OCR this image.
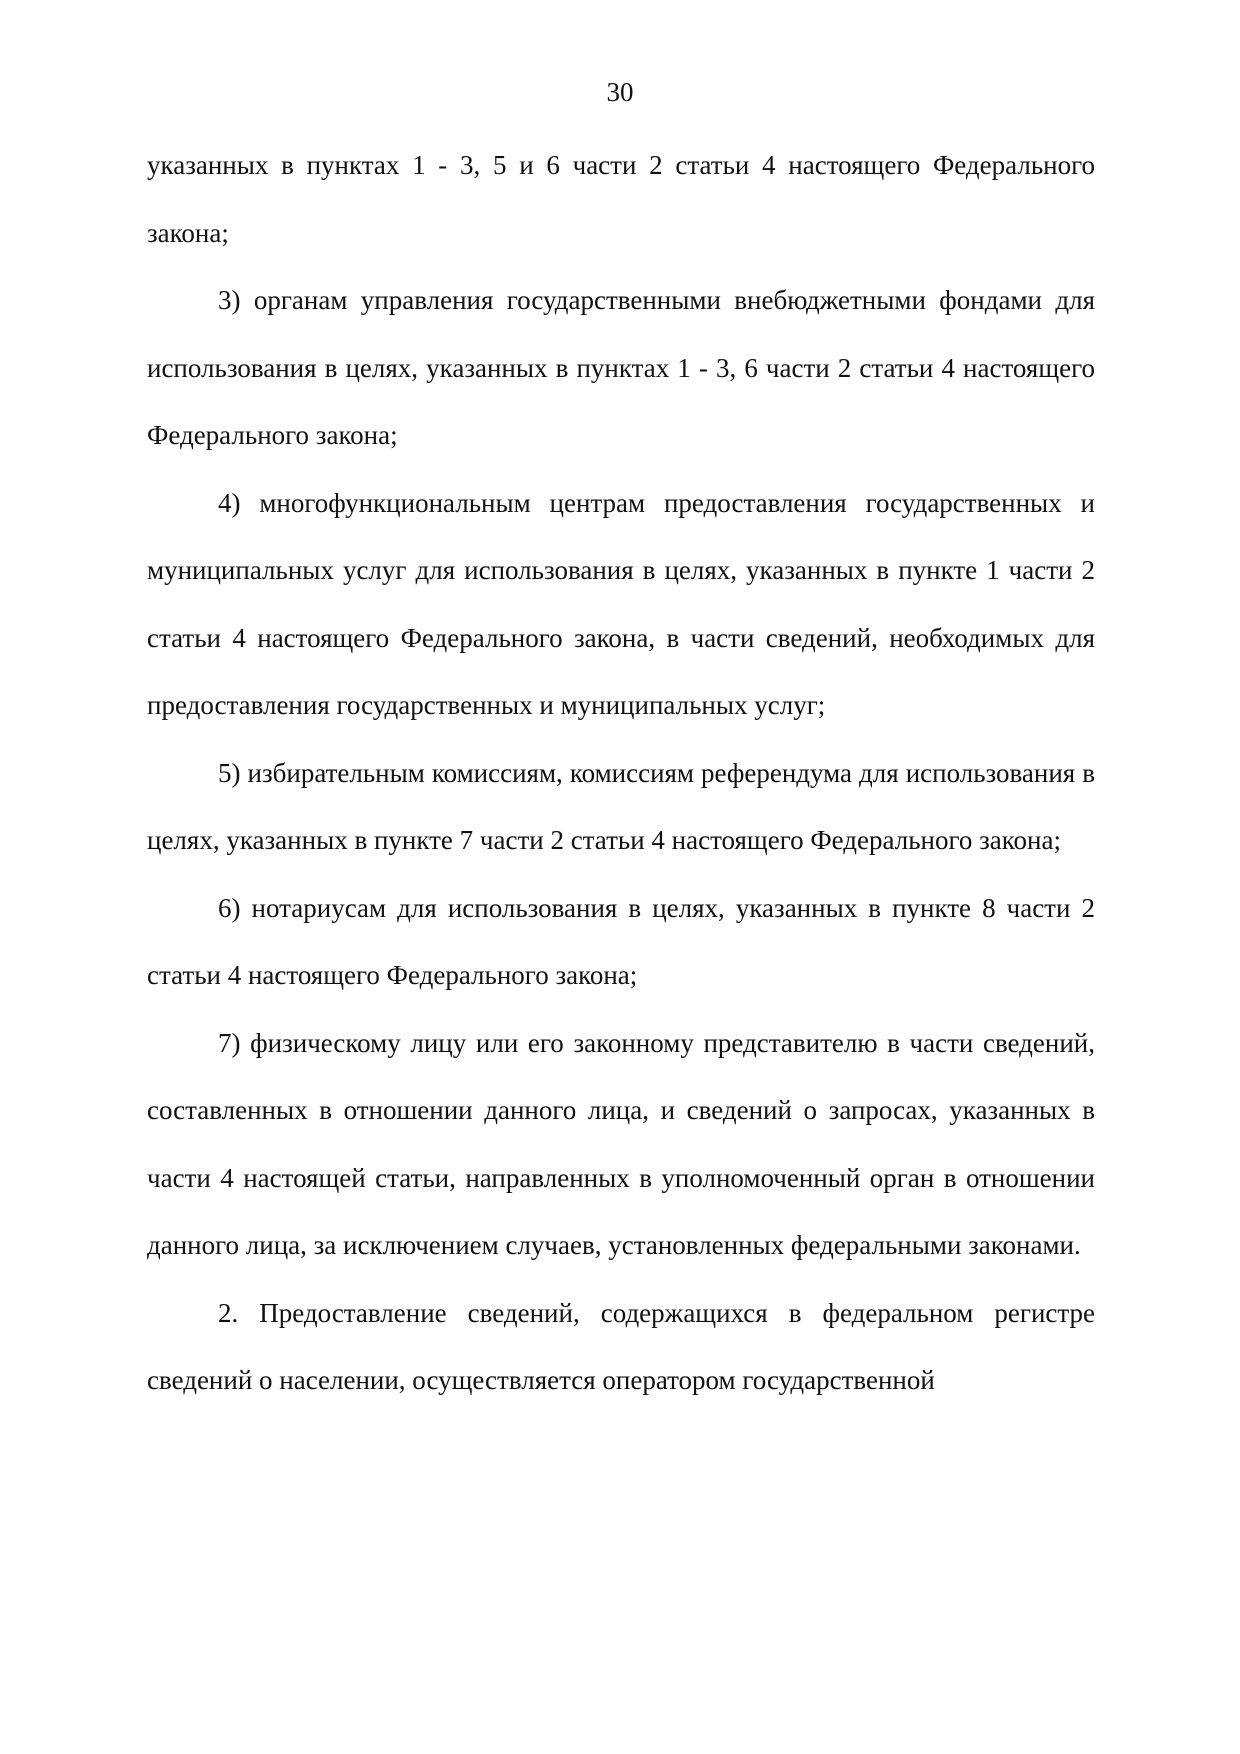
30

указанных в пунктах 1 - 3, 5 и 6 части 2 статьи 4 настоящего Федерального закона;

3) органам управления государственными внебюджетными фондами для использования в целях, указанных в пунктах 1 - 3, 6 части 2 статьи 4 настоящего Федерального закона;

4) многофункциональным центрам предоставления государственных и муниципальных услуг для использования в целях, указанных в пункте 1 части 2 статьи 4 настоящего Федерального закона, в части сведений, необходимых для предоставления государственных и муниципальных услуг;

5) избирательным комиссиям, комиссиям референдума для использования в целях, указанных в пункте 7 части 2 статьи 4 настоящего Федерального закона;

6) нотариусам для использования в целях, указанных в пункте 8 части 2 статьи 4 настоящего Федерального закона;

7) физическому лицу или его законному представителю в части сведений, составленных в отношении данного лица, и сведений о запросах, указанных в части 4 настоящей статьи, направленных в уполномоченный орган в отношении данного лица, за исключением случаев, установленных федеральными законами.

2. Предоставление сведений, содержащихся в федеральном регистре сведений о населении, осуществляется оператором государственной
